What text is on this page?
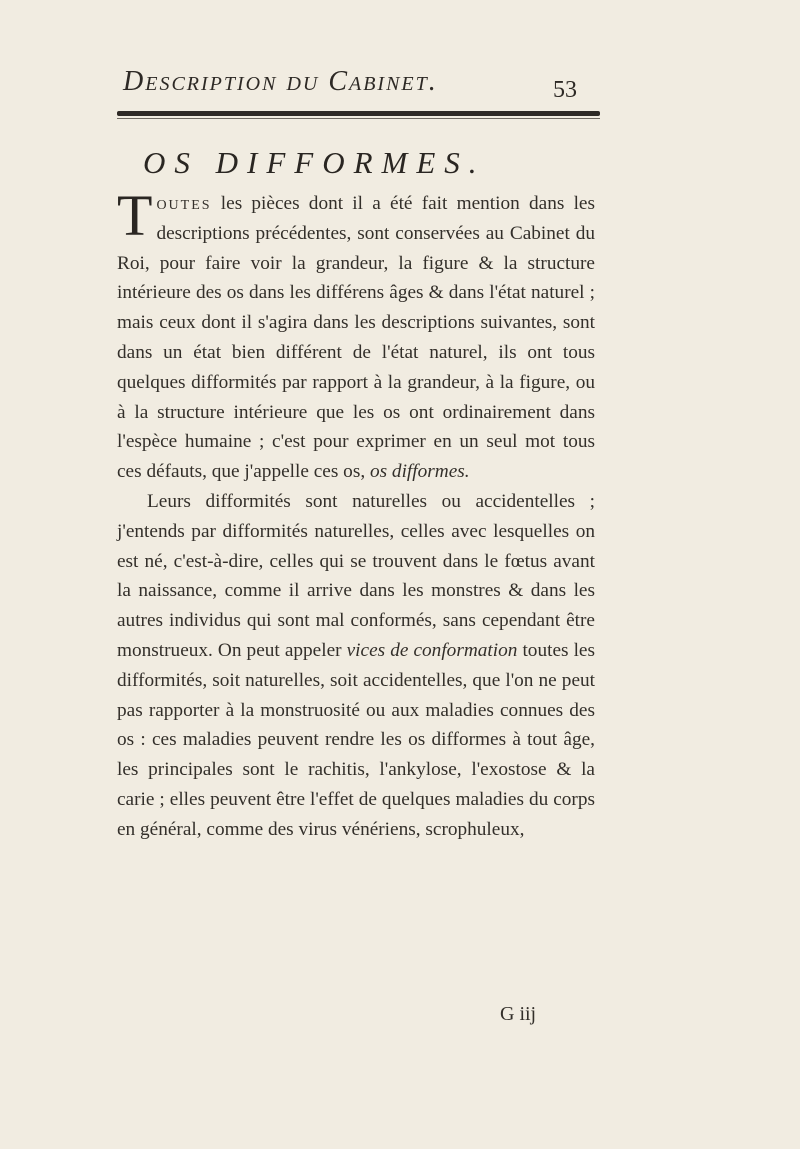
Description du Cabinet.	53
OS DIFFORMES.

Toutes les pièces dont il a été fait mention dans les descriptions précédentes, sont conservées au Cabinet du Roi, pour faire voir la grandeur, la figure & la structure intérieure des os dans les différens âges & dans l'état naturel ; mais ceux dont il s'agira dans les descriptions suivantes, sont dans un état bien différent de l'état naturel, ils ont tous quelques difformités par rapport à la grandeur, à la figure, ou à la structure intérieure que les os ont ordinairement dans l'espèce humaine ; c'est pour exprimer en un seul mot tous ces défauts, que j'appelle ces os, os difformes.

Leurs difformités sont naturelles ou accidentelles ; j'entends par difformités naturelles, celles avec lesquelles on est né, c'est-à-dire, celles qui se trouvent dans le fœtus avant la naissance, comme il arrive dans les monstres & dans les autres individus qui sont mal conformés, sans cependant être monstrueux. On peut appeler vices de conformation toutes les difformités, soit naturelles, soit accidentelles, que l'on ne peut pas rapporter à la monstruosité ou aux maladies connues des os : ces maladies peuvent rendre les os difformes à tout âge, les principales sont le rachitis, l'ankylose, l'exostose & la carie ; elles peuvent être l'effet de quelques maladies du corps en général, comme des virus vénériens, scrophuleux,

G iij
